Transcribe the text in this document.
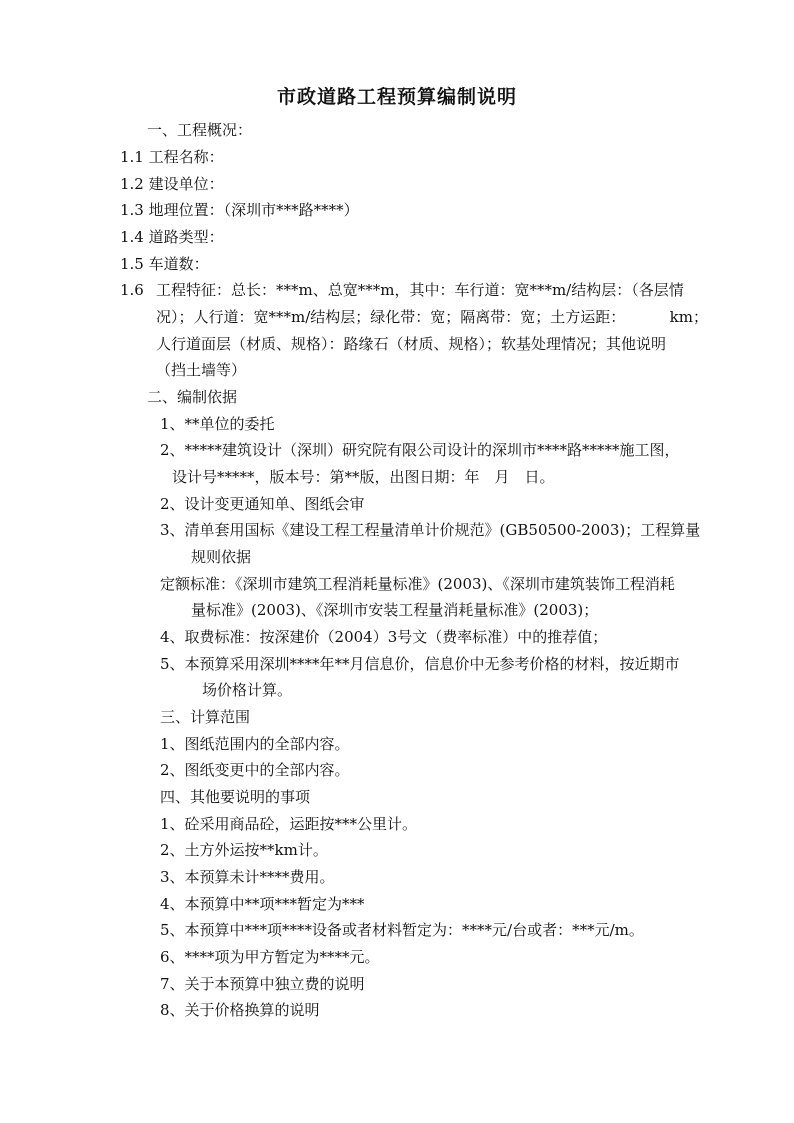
市政道路工程预算编制说明
一、工程概况：
1.1 工程名称：
1.2 建设单位：
1.3 地理位置：（深圳市***路****）
1.4 道路类型：
1.5 车道数：
1.6 工程特征：总长：***m、总宽***m，其中：车行道：宽***m/结构层：（各层情
况）；人行道：宽***m/结构层；绿化带：宽；隔离带：宽；土方运距：	km；
人行道面层（材质、规格）：路缘石（材质、规格）；软基处理情况；其他说明
（挡土墙等）
二、编制依据
1、**单位的委托
2、*****建筑设计（深圳）研究院有限公司设计的深圳市****路*****施工图，
设计号*****，版本号：第**版，出图日期：年　月　日。
2、设计变更通知单、图纸会审
3、清单套用国标《建设工程工程量清单计价规范》(GB50500-2003)；工程算量
规则依据
定额标准：《深圳市建筑工程消耗量标准》(2003)、《深圳市建筑装饰工程消耗
量标准》(2003)、《深圳市安装工程量消耗量标准》(2003)；
4、取费标准：按深建价（2004）3号文（费率标准）中的推荐值；
5、本预算采用深圳****年**月信息价，信息价中无参考价格的材料，按近期市
场价格计算。
三、计算范围
1、图纸范围内的全部内容。
2、图纸变更中的全部内容。
四、其他要说明的事项
1、砼采用商品砼，运距按***公里计。
2、土方外运按**km计。
3、本预算未计****费用。
4、本预算中**项***暂定为***
5、本预算中***项****设备或者材料暂定为：****元/台或者：***元/m。
6、****项为甲方暂定为****元。
7、关于本预算中独立费的说明
8、关于价格换算的说明
